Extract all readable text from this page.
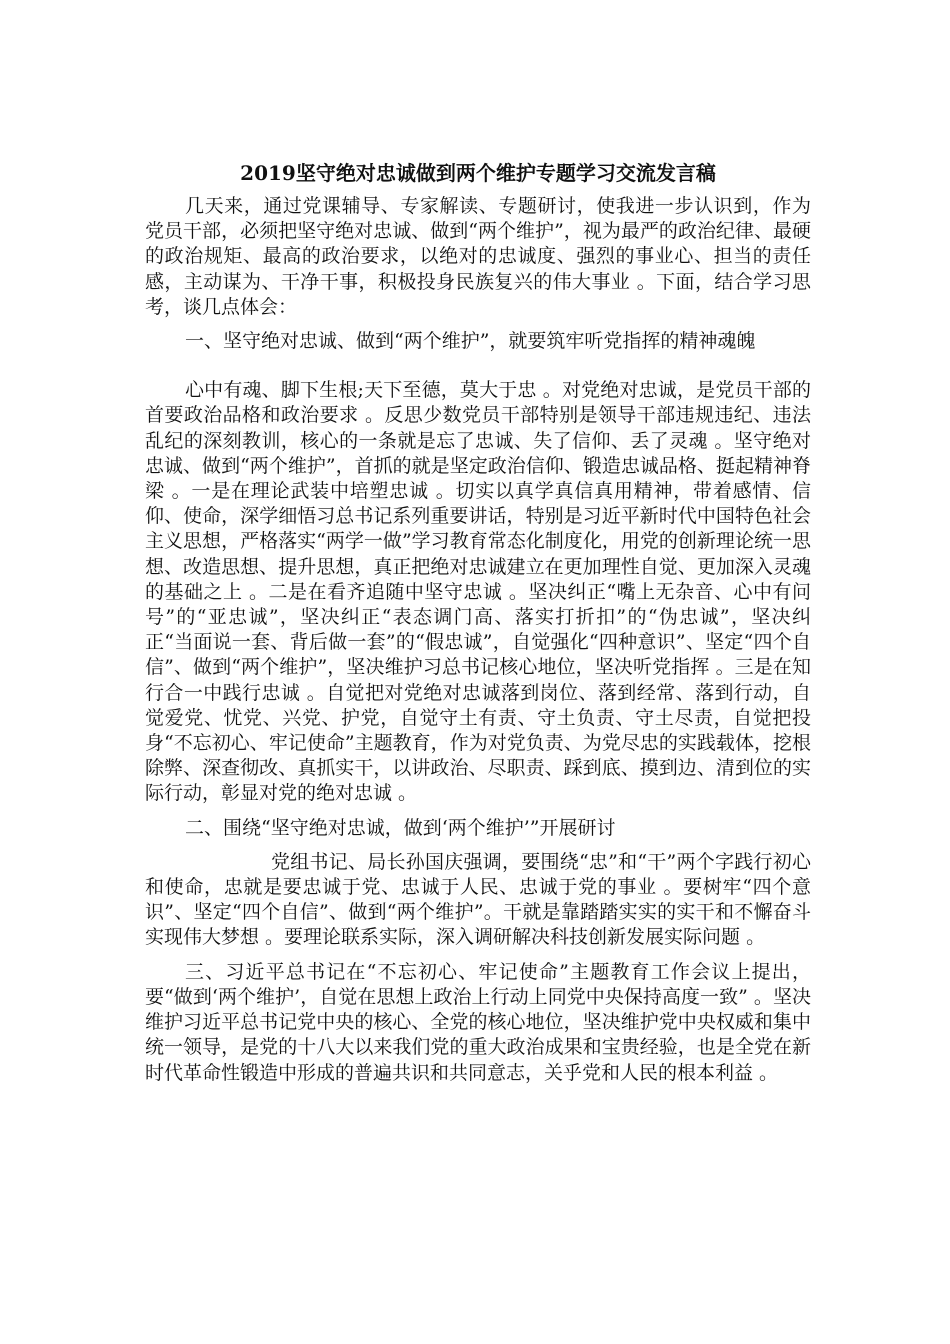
2019坚守绝对忠诚做到两个维护专题学习交流发言稿

几天来，通过党课辅导、专家解读、专题研讨，使我进一步认识到，作为党员干部，必须把坚守绝对忠诚、做到“两个维护”，视为最严的政治纪律、最硬的政治规矩、最高的政治要求，以绝对的忠诚度、强烈的事业心、担当的责任感，主动谋为、干净干事，积极投身民族复兴的伟大事业 。下面，结合学习思考，谈几点体会：

一、坚守绝对忠诚、做到“两个维护”，就要筑牢听党指挥的精神魂魄

心中有魂、脚下生根;天下至德，莫大于忠 。对党绝对忠诚，是党员干部的首要政治品格和政治要求 。反思少数党员干部特别是领导干部违规违纪、违法乱纪的深刻教训，核心的一条就是忘了忠诚、失了信仰、丢了灵魂 。坚守绝对忠诚、做到“两个维护”，首抓的就是坚定政治信仰、锻造忠诚品格、挺起精神脊梁 。一是在理论武装中培塑忠诚 。切实以真学真信真用精神，带着感情、信仰、使命，深学细悟习总书记系列重要讲话，特别是习近平新时代中国特色社会主义思想，严格落实“两学一做”学习教育常态化制度化，用党的创新理论统一思想、改造思想、提升思想，真正把绝对忠诚建立在更加理性自觉、更加深入灵魂的基础之上 。二是在看齐追随中坚守忠诚 。坚决纠正“嘴上无杂音、心中有问号”的“亚忠诚”，坚决纠正“表态调门高、落实打折扣”的“伪忠诚”，坚决纠正“当面说一套、背后做一套”的“假忠诚”，自觉强化“四种意识”、坚定“四个自信”、做到“两个维护”，坚决维护习总书记核心地位，坚决听党指挥 。三是在知行合一中践行忠诚 。自觉把对党绝对忠诚落到岗位、落到经常、落到行动，自觉爱党、忧党、兴党、护党，自觉守土有责、守土负责、守土尽责，自觉把投身“不忘初心、牢记使命”主题教育，作为对党负责、为党尽忠的实践载体，挖根除弊、深查彻改、真抓实干，以讲政治、尽职责、踩到底、摸到边、清到位的实际行动，彰显对党的绝对忠诚 。

二、围绕“坚守绝对忠诚，做到‘两个维护’”开展研讨

党组书记、局长孙国庆强调，要围绕“忠”和“干”两个字践行初心和使命，忠就是要忠诚于党、忠诚于人民、忠诚于党的事业 。要树牢“四个意识”、坚定“四个自信”、做到“两个维护”。干就是靠踏踏实实的实干和不懈奋斗实现伟大梦想 。要理论联系实际，深入调研解决科技创新发展实际问题 。

三、习近平总书记在“不忘初心、牢记使命”主题教育工作会议上提出，要“做到‘两个维护’，自觉在思想上政治上行动上同党中央保持高度一致” 。坚决维护习近平总书记党中央的核心、全党的核心地位，坚决维护党中央权威和集中统一领导，是党的十八大以来我们党的重大政治成果和宝贵经验，也是全党在新时代革命性锻造中形成的普遍共识和共同意志，关乎党和人民的根本利益 。
